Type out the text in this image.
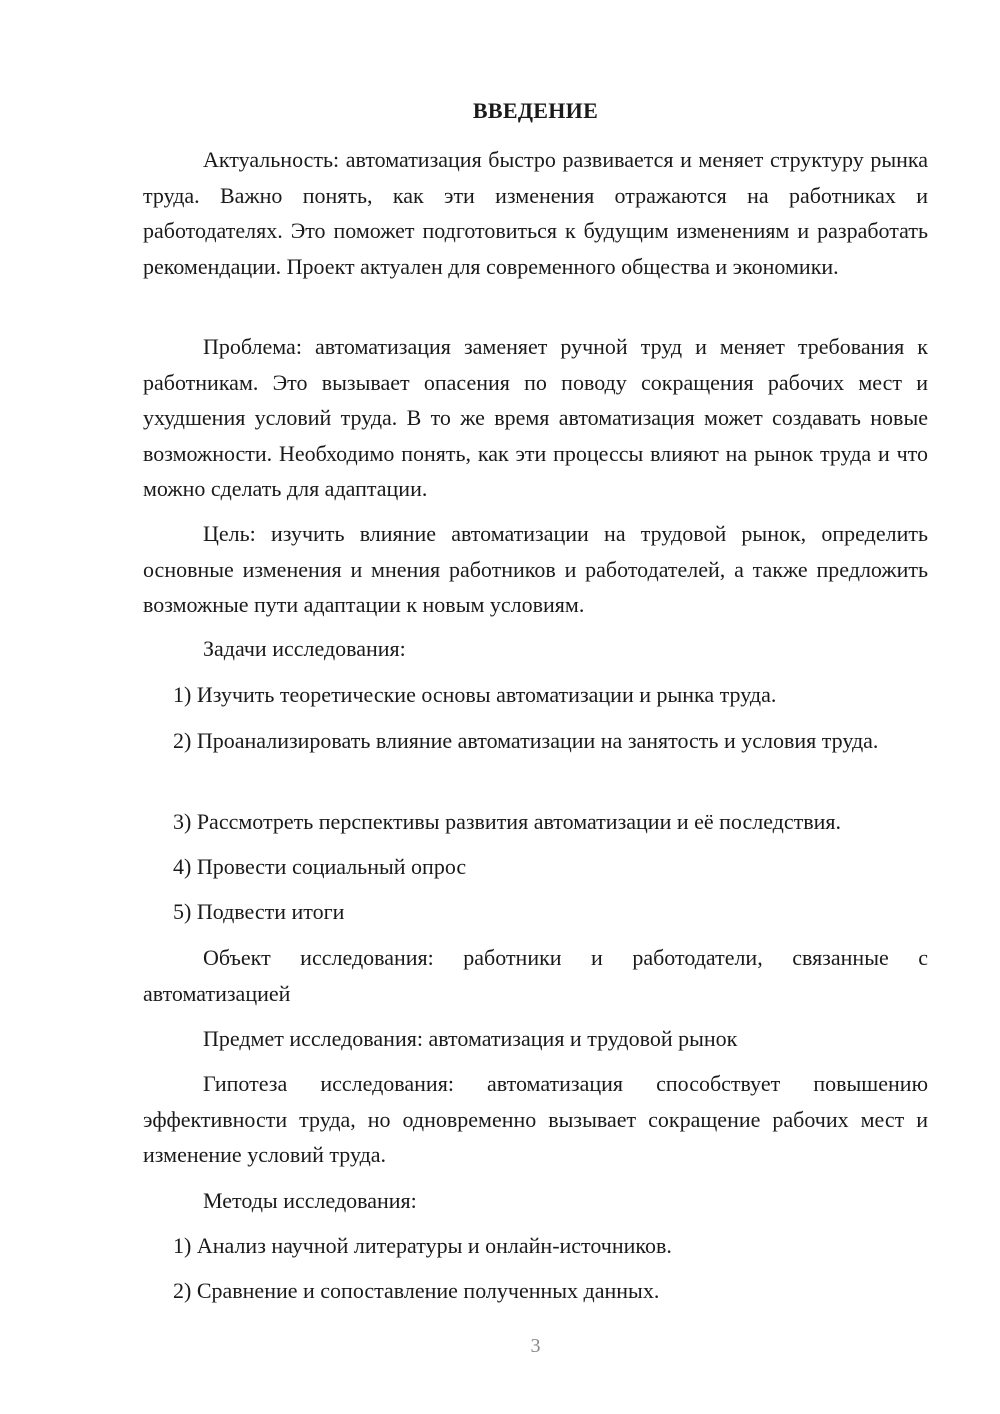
ВВЕДЕНИЕ
Актуальность: автоматизация быстро развивается и меняет структуру рынка труда. Важно понять, как эти изменения отражаются на работниках и работодателях. Это поможет подготовиться к будущим изменениям и разработать рекомендации. Проект актуален для современного общества и экономики.
Проблема: автоматизация заменяет ручной труд и меняет требования к работникам. Это вызывает опасения по поводу сокращения рабочих мест и ухудшения условий труда. В то же время автоматизация может создавать новые возможности. Необходимо понять, как эти процессы влияют на рынок труда и что можно сделать для адаптации.
Цель: изучить влияние автоматизации на трудовой рынок, определить основные изменения и мнения работников и работодателей, а также предложить возможные пути адаптации к новым условиям.
Задачи исследования:
1) Изучить теоретические основы автоматизации и рынка труда.
2) Проанализировать влияние автоматизации на занятость и условия труда.
3) Рассмотреть перспективы развития автоматизации и её последствия.
4) Провести социальный опрос
5) Подвести итоги
Объект исследования: работники и работодатели, связанные с автоматизацией
Предмет исследования: автоматизация и трудовой рынок
Гипотеза исследования: автоматизация способствует повышению эффективности труда, но одновременно вызывает сокращение рабочих мест и изменение условий труда.
Методы исследования:
1) Анализ научной литературы и онлайн-источников.
2) Сравнение и сопоставление полученных данных.
3
